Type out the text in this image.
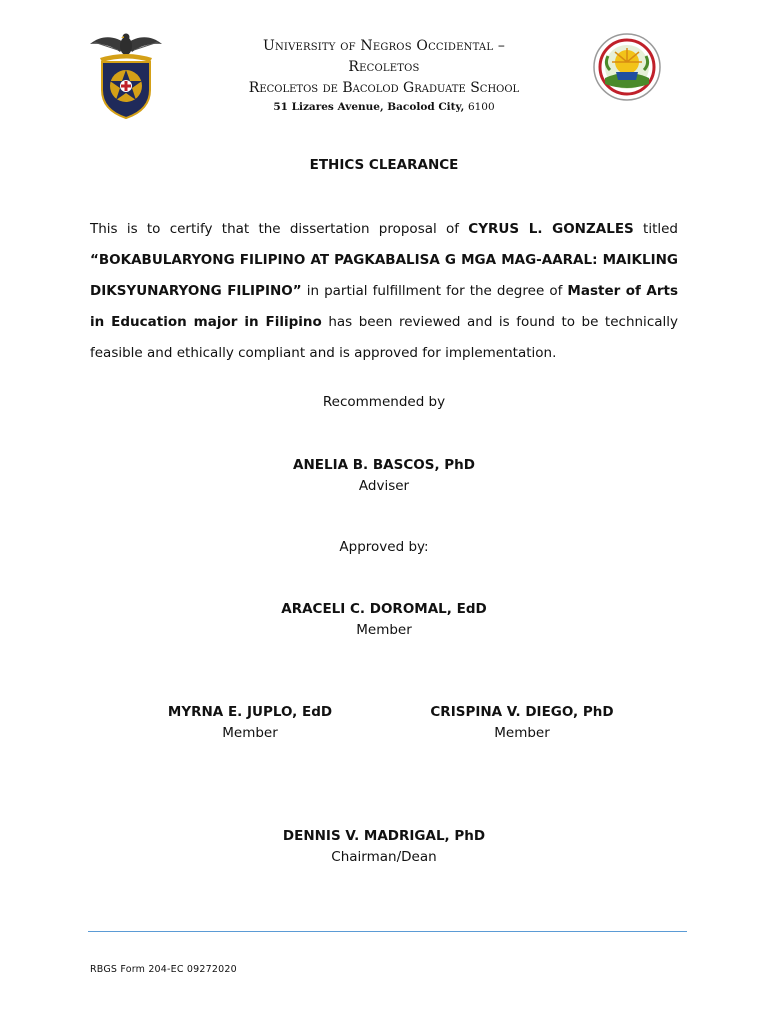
University of Negros Occidental –
Recoletos
Recoletos de Bacolod Graduate School
51 Lizares Avenue, Bacolod City, 6100
ETHICS CLEARANCE
This is to certify that the dissertation proposal of CYRUS L. GONZALES titled “BOKABULARYONG FILIPINO AT PAGKABALISA G MGA MAG-AARAL: MAIKLING DIKSYUNARYONG FILIPINO” in partial fulfillment for the degree of Master of Arts in Education major in Filipino has been reviewed and is found to be technically feasible and ethically compliant and is approved for implementation.
Recommended by
ANELIA B. BASCOS, PhD
Adviser
Approved by:
ARACELI C. DOROMAL, EdD
Member
MYRNA E. JUPLO, EdD
Member
CRISPINA V. DIEGO, PhD
Member
DENNIS V. MADRIGAL, PhD
Chairman/Dean
RBGS Form 204-EC 09272020
